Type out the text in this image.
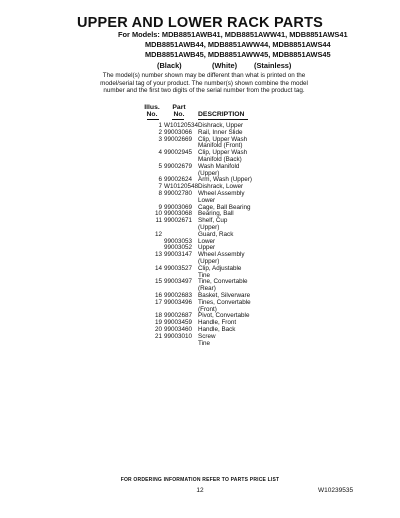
UPPER AND LOWER RACK PARTS
For Models: MDB8851AWB41, MDB8851AWW41, MDB8851AWS41
MDB8851AWB44, MDB8851AWW44, MDB8851AWS44
MDB8851AWB45, MDB8851AWW45, MDB8851AWS45
(Black)	(White) (Stainless)

The model(s) number shown may be different than what is printed on the

model/serial tag of your product. The number(s) shown combine the model

number and the first two digits of the serial number from the product tag.

Illus.
No.
Part
No.	DESCRIPTION
1 W10120534 Dishrack, Upper
2 99003066 Rail, Inner Slide
3 99002669 Clip, Upper Wash
Manifold (Front)
4 99002945 Clip, Upper Wash
Manifold (Back)
5 99002679 Wash Manifold
(Upper)
6 99002624 Arm, Wash (Upper)
7 W10120548 Dishrack, Lower
8 99002780 Wheel Assembly
Lower
9 99003069 Cage, Ball Bearing
10 99003068 Bearing, Ball
11 99002671 Shelf, Cup
(Upper)
12	Guard, Rack
99003053 Lower
99003052 Upper
13 99003147 Wheel Assembly
(Upper)
14 99003527 Clip, Adjustable
Tine
15 99003497 Tine, Convertable
(Rear)
16 99002683 Basket, Silverware
17 99003496 Tines, Convertable
(Front)
18 99002687 Pivot, Convertable
19 99003459 Handle, Front
20 99003460 Handle, Back
21 99003010 Screw
Tine
FOR ORDERING INFORMATION REFER TO PARTS PRICE LIST
12	W10239535
